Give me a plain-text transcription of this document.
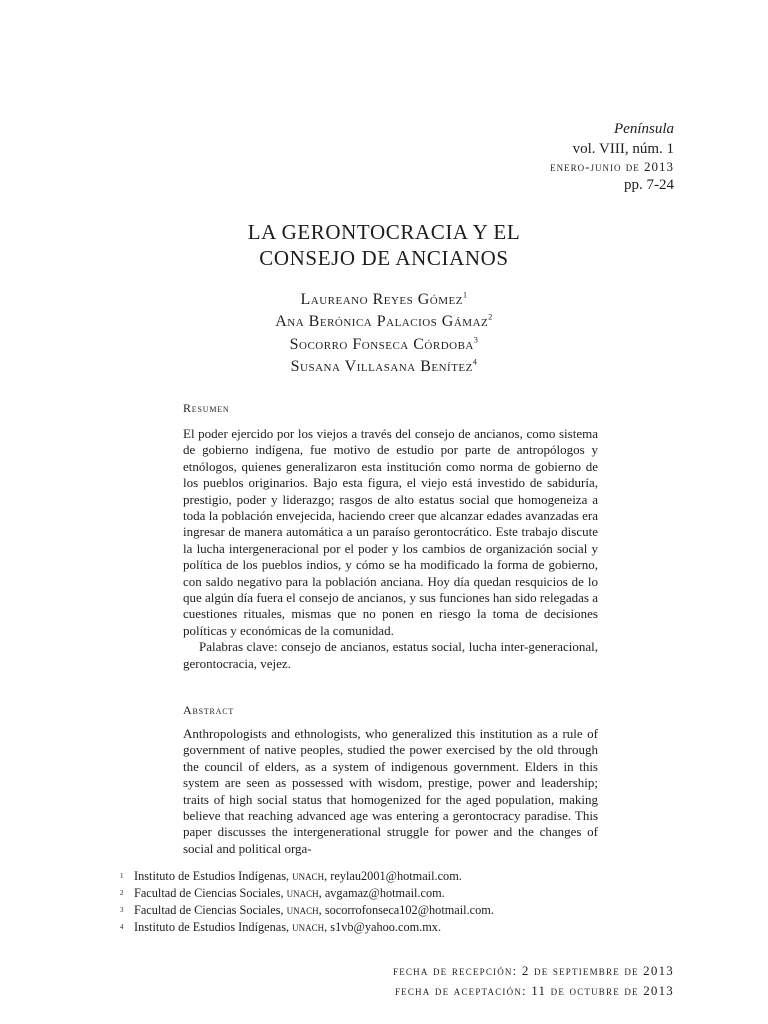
Península
vol. VIII, núm. 1
enero-junio de 2013
pp. 7-24
LA GERONTOCRACIA Y EL
CONSEJO DE ANCIANOS
Laureano Reyes Gómez$^1$
Ana Berónica Palacios Gámaz$^2$
Socorro Fonseca Córdoba$^3$
Susana Villasana Benítez$^4$
Resumen

El poder ejercido por los viejos a través del consejo de ancianos, como sistema de gobierno indígena, fue motivo de estudio por parte de antropólogos y etnólogos, quienes generalizaron esta institución como norma de gobierno de los pueblos originarios. Bajo esta figura, el viejo está investido de sabiduría, prestigio, poder y liderazgo; rasgos de alto estatus social que homogeneiza a toda la población envejecida, haciendo creer que alcanzar edades avanzadas era ingresar de manera automática a un paraíso gerontocrático. Este trabajo discute la lucha intergeneracional por el poder y los cambios de organización social y política de los pueblos indios, y cómo se ha modificado la forma de gobierno, con saldo negativo para la población anciana. Hoy día quedan resquicios de lo que algún día fuera el consejo de ancianos, y sus funciones han sido relegadas a cuestiones rituales, mismas que no ponen en riesgo la toma de decisiones políticas y económicas de la comunidad.

Palabras clave: consejo de ancianos, estatus social, lucha inter-generacional, gerontocracia, vejez.

Abstract

Anthropologists and ethnologists, who generalized this institution as a rule of government of native peoples, studied the power exercised by the old through the council of elders, as a system of indigenous government. Elders in this system are seen as possessed with wisdom, prestige, power and leadership; traits of high social status that homogenized for the aged population, making believe that reaching advanced age was entering a gerontocracy paradise. This paper discusses the intergenerational struggle for power and the changes of social and political orga-

1 Instituto de Estudios Indígenas, unach, reylau2001@hotmail.com.
2 Facultad de Ciencias Sociales, unach, avgamaz@hotmail.com.
3 Facultad de Ciencias Sociales, unach, socorrofonseca102@hotmail.com.
4 Instituto de Estudios Indígenas, unach, s1vb@yahoo.com.mx.
fecha de recepción: 2 de septiembre de 2013
fecha de aceptación: 11 de octubre de 2013
